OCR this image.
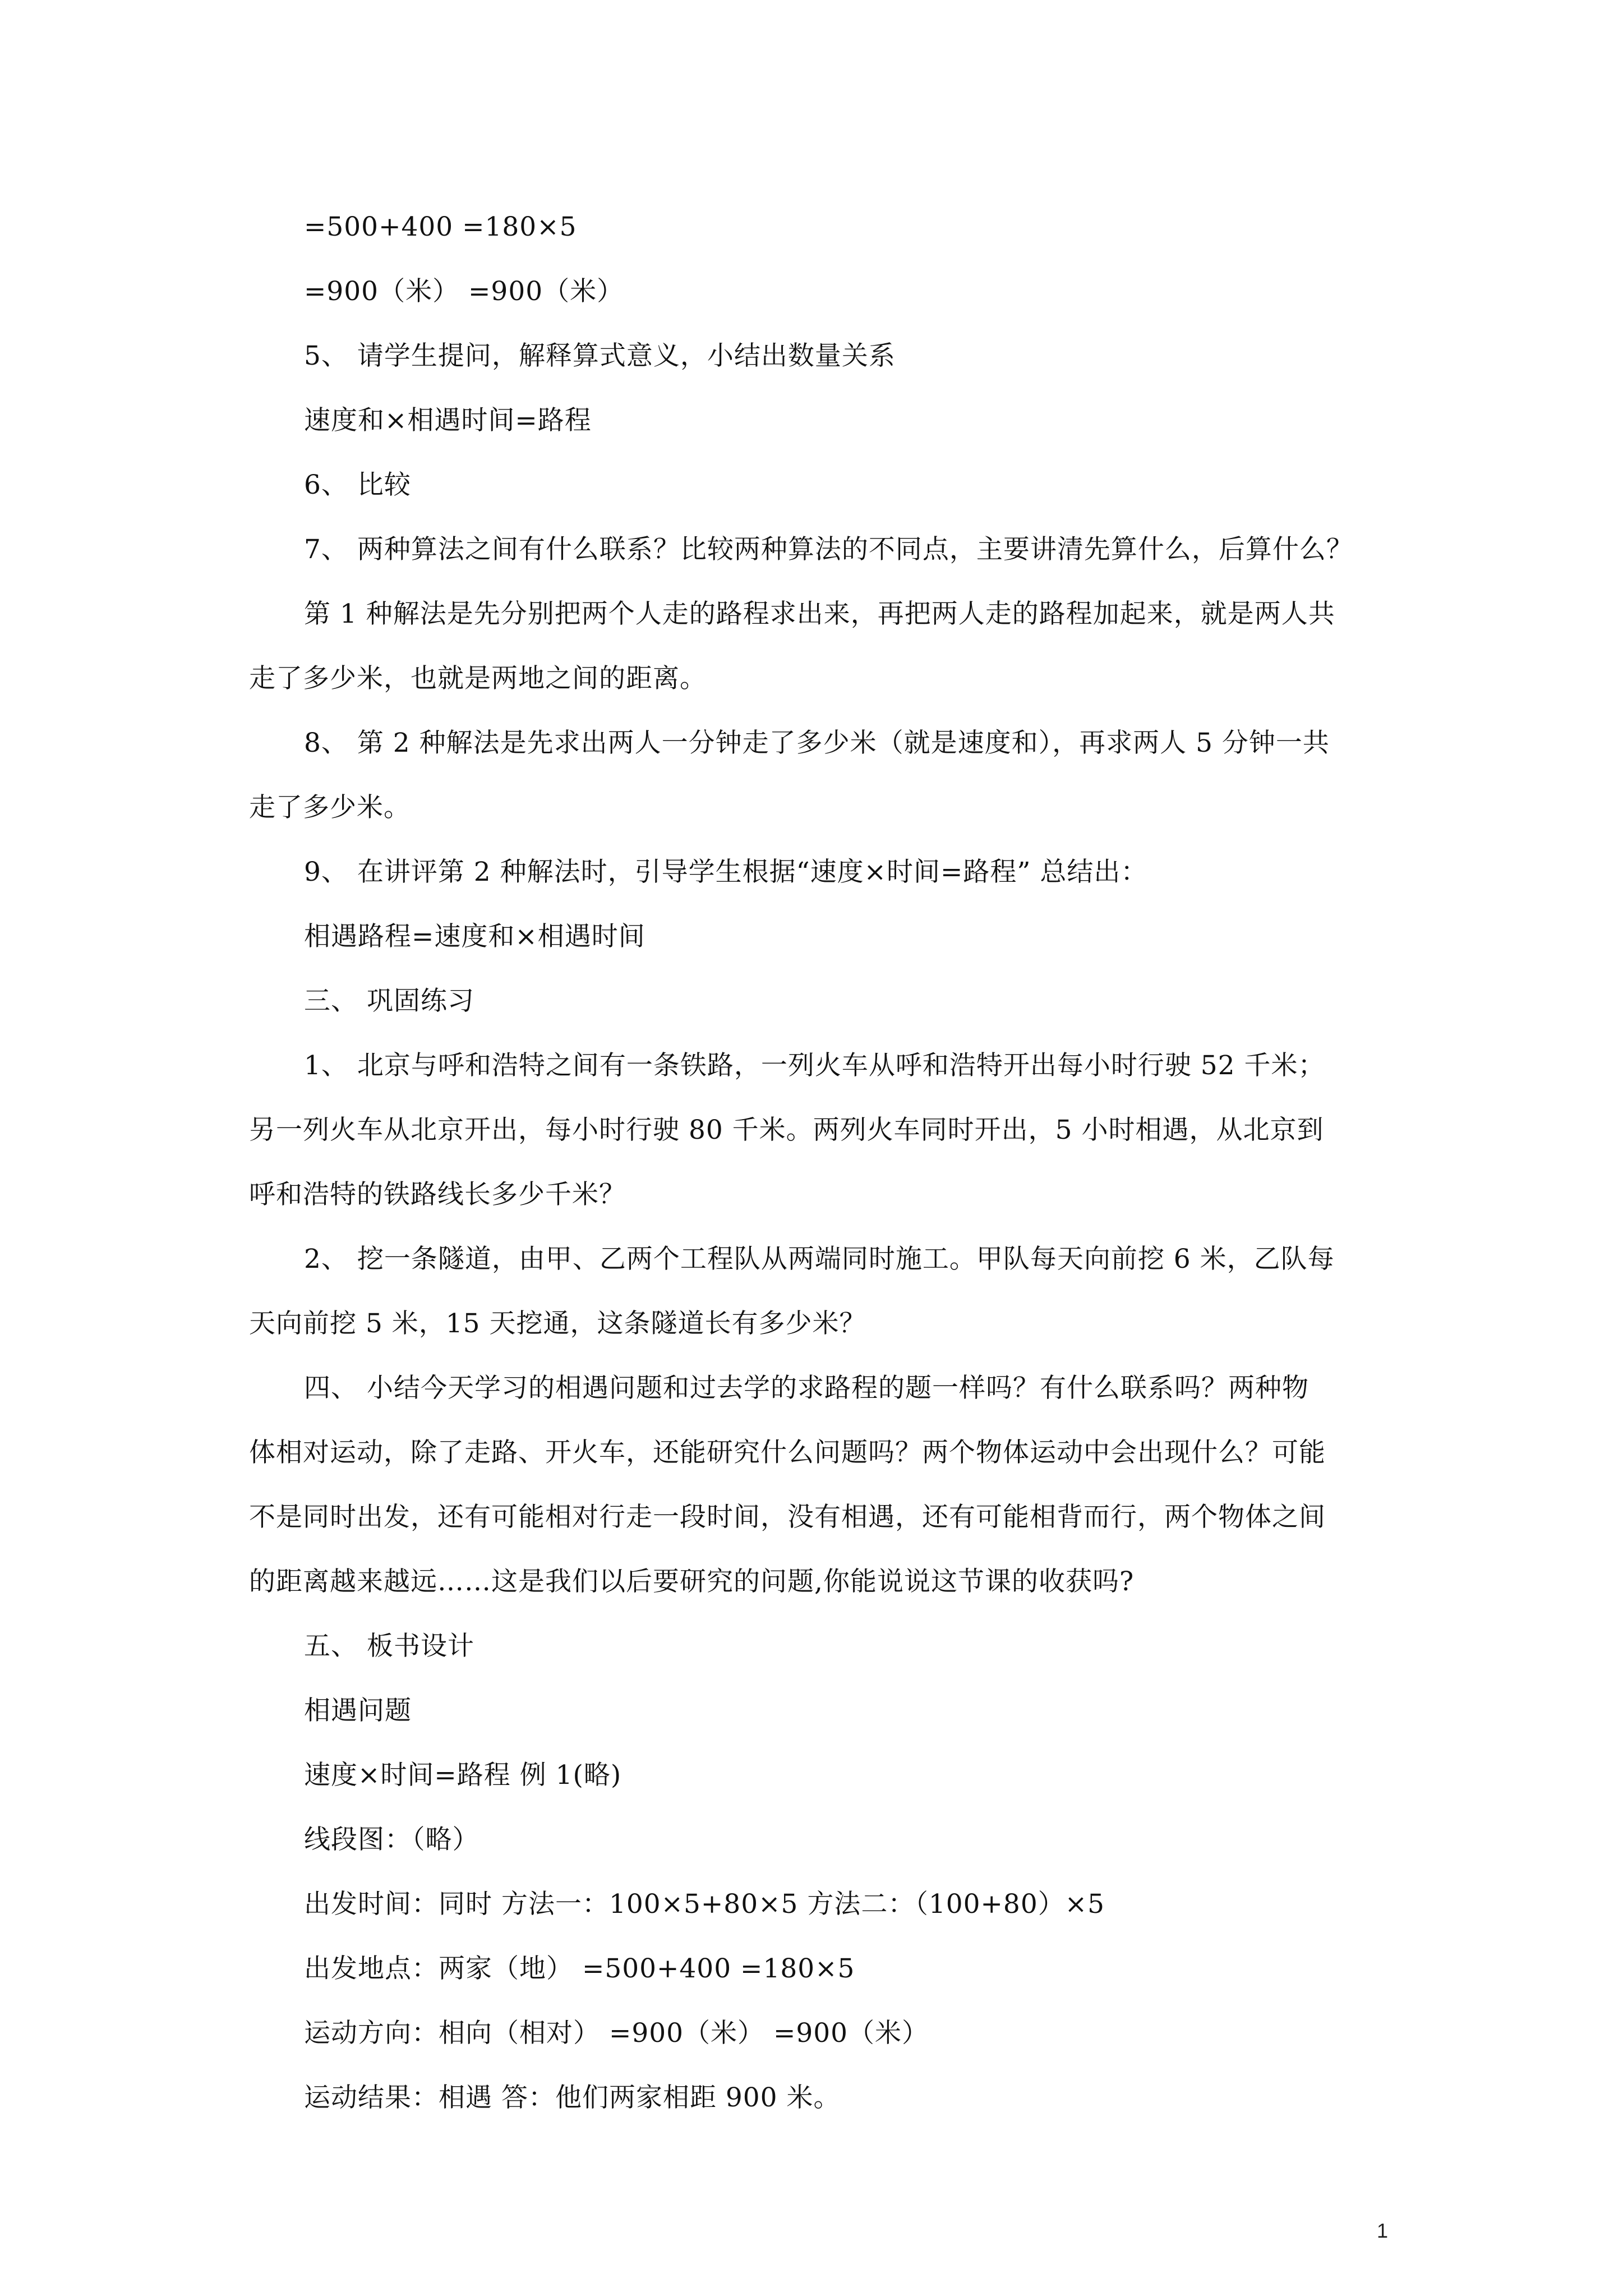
=500+400 =180×5

=900（米） =900（米）

5、 请学生提问，解释算式意义，小结出数量关系

速度和×相遇时间=路程

6、 比较

7、 两种算法之间有什么联系？比较两种算法的不同点，主要讲清先算什么，后算什么？

第 1 种解法是先分别把两个人走的路程求出来，再把两人走的路程加起来，就是两人共

走了多少米，也就是两地之间的距离。

8、 第 2 种解法是先求出两人一分钟走了多少米（就是速度和），再求两人 5 分钟一共

走了多少米。

9、 在讲评第 2 种解法时，引导学生根据“速度×时间=路程” 总结出：

相遇路程=速度和×相遇时间

三、 巩固练习

1、 北京与呼和浩特之间有一条铁路，一列火车从呼和浩特开出每小时行驶 52 千米；

另一列火车从北京开出，每小时行驶 80 千米。两列火车同时开出，5 小时相遇，从北京到

呼和浩特的铁路线长多少千米？

2、 挖一条隧道，由甲、乙两个工程队从两端同时施工。甲队每天向前挖 6 米，乙队每

天向前挖 5 米，15 天挖通，这条隧道长有多少米？

四、 小结今天学习的相遇问题和过去学的求路程的题一样吗？有什么联系吗？两种物

体相对运动，除了走路、开火车，还能研究什么问题吗？两个物体运动中会出现什么？可能

不是同时出发，还有可能相对行走一段时间，没有相遇，还有可能相背而行，两个物体之间

的距离越来越远……这是我们以后要研究的问题,你能说说这节课的收获吗?

五、 板书设计

相遇问题

速度×时间=路程 例 1(略)

线段图：（略）

出发时间：同时 方法一：100×5+80×5 方法二：（100+80）×5

出发地点：两家（地） =500+400 =180×5

运动方向：相向（相对） =900（米） =900（米）

运动结果：相遇 答：他们两家相距 900 米。

1
